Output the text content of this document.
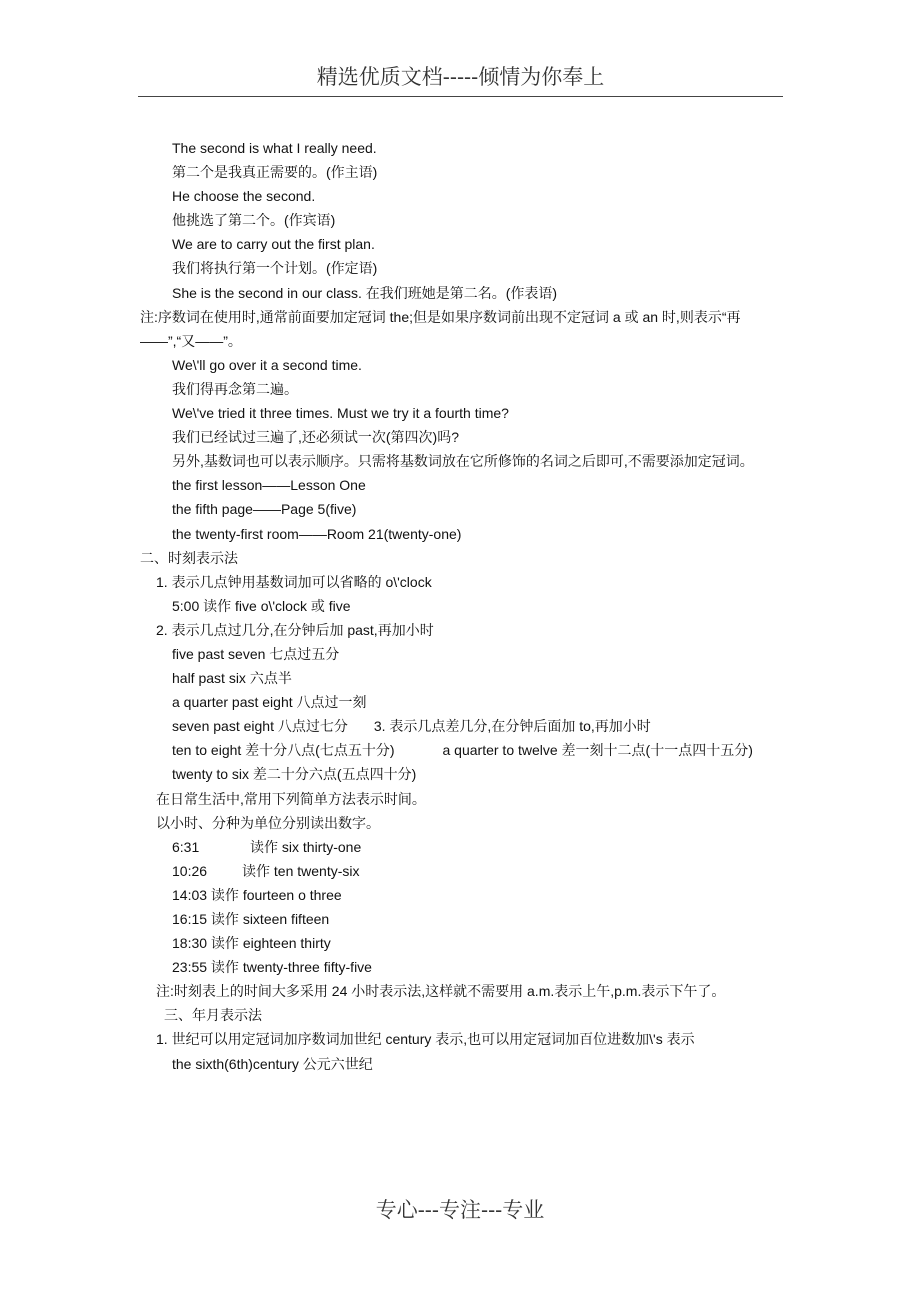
精选优质文档-----倾情为你奉上
The second is what I really need.
第二个是我真正需要的。(作主语)
He choose the second.
他挑选了第二个。(作宾语)
We are to carry out the first plan.
我们将执行第一个计划。(作定语)
She is the second in our class. 在我们班她是第二名。(作表语)
注:序数词在使用时,通常前面要加定冠词 the;但是如果序数词前出现不定冠词 a 或 an 时,则表示“再——”,“又——”。
We\'ll go over it a second time.
我们得再念第二遍。
We\'ve tried it three times. Must we try it a fourth time?
我们已经试过三遍了,还必须试一次(第四次)吗?
另外,基数词也可以表示顺序。只需将基数词放在它所修饰的名词之后即可,不需要添加定冠词。
the first lesson——Lesson One
the fifth page——Page 5(five)
the twenty-first room——Room 21(twenty-one)
二、时刻表示法
1. 表示几点钟用基数词加可以省略的 o\'clock
5:00 读作 five o\'clock 或 five
2. 表示几点过几分,在分钟后加 past,再加小时
five past seven 七点过五分
half past six 六点半
a quarter past eight 八点过一刻
seven past eight 八点过七分 3. 表示几点差几分,在分钟后面加 to,再加小时
ten to eight 差十分八点(七点五十分)	a quarter to twelve 差一刻十二点(十一点四十五分)
twenty to six 差二十分六点(五点四十分)
在日常生活中,常用下列简单方法表示时间。
以小时、分种为单位分别读出数字。
6:31	读作 six thirty-one
10:26 读作 ten twenty-six
14:03 读作 fourteen o three
16:15 读作 sixteen fifteen
18:30 读作 eighteen thirty
23:55 读作 twenty-three fifty-five
注:时刻表上的时间大多采用 24 小时表示法,这样就不需要用 a.m.表示上午,p.m.表示下午了。
三、年月表示法
1. 世纪可以用定冠词加序数词加世纪 century 表示,也可以用定冠词加百位进数加\'s 表示
the sixth(6th)century 公元六世纪
专心---专注---专业
